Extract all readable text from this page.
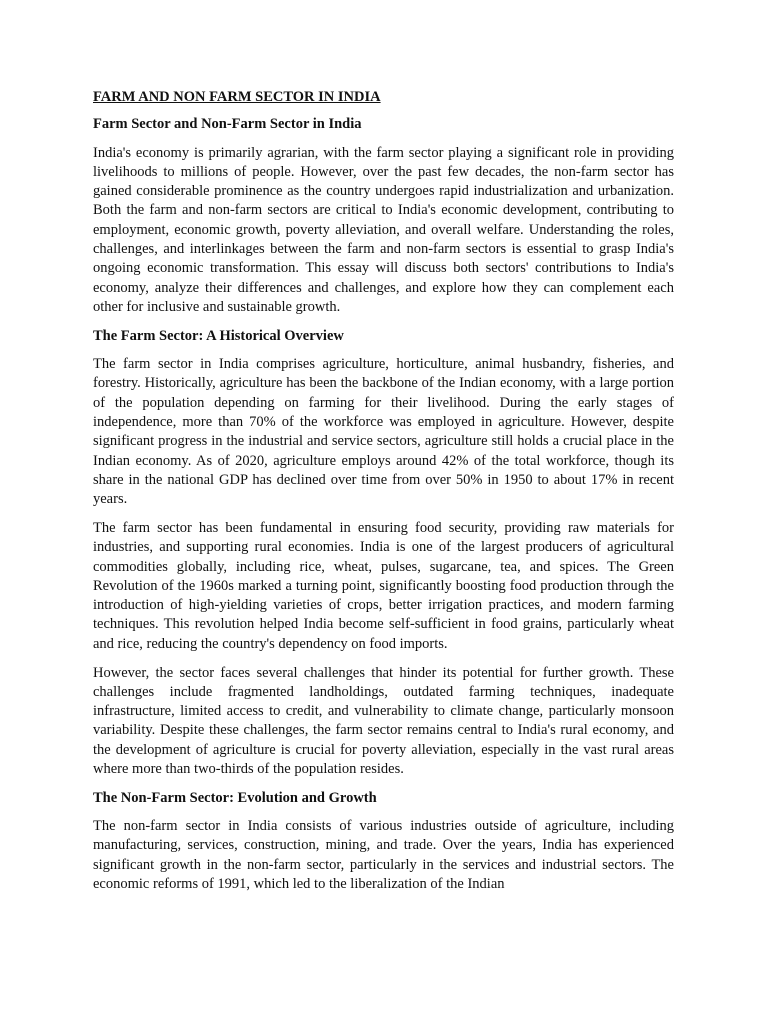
FARM AND NON FARM SECTOR IN INDIA
Farm Sector and Non-Farm Sector in India

India's economy is primarily agrarian, with the farm sector playing a significant role in providing livelihoods to millions of people. However, over the past few decades, the non-farm sector has gained considerable prominence as the country undergoes rapid industrialization and urbanization. Both the farm and non-farm sectors are critical to India's economic development, contributing to employment, economic growth, poverty alleviation, and overall welfare. Understanding the roles, challenges, and interlinkages between the farm and non-farm sectors is essential to grasp India's ongoing economic transformation. This essay will discuss both sectors' contributions to India's economy, analyze their differences and challenges, and explore how they can complement each other for inclusive and sustainable growth.

The Farm Sector: A Historical Overview

The farm sector in India comprises agriculture, horticulture, animal husbandry, fisheries, and forestry. Historically, agriculture has been the backbone of the Indian economy, with a large portion of the population depending on farming for their livelihood. During the early stages of independence, more than 70% of the workforce was employed in agriculture. However, despite significant progress in the industrial and service sectors, agriculture still holds a crucial place in the Indian economy. As of 2020, agriculture employs around 42% of the total workforce, though its share in the national GDP has declined over time from over 50% in 1950 to about 17% in recent years.

The farm sector has been fundamental in ensuring food security, providing raw materials for industries, and supporting rural economies. India is one of the largest producers of agricultural commodities globally, including rice, wheat, pulses, sugarcane, tea, and spices. The Green Revolution of the 1960s marked a turning point, significantly boosting food production through the introduction of high-yielding varieties of crops, better irrigation practices, and modern farming techniques. This revolution helped India become self-sufficient in food grains, particularly wheat and rice, reducing the country's dependency on food imports.

However, the sector faces several challenges that hinder its potential for further growth. These challenges include fragmented landholdings, outdated farming techniques, inadequate infrastructure, limited access to credit, and vulnerability to climate change, particularly monsoon variability. Despite these challenges, the farm sector remains central to India's rural economy, and the development of agriculture is crucial for poverty alleviation, especially in the vast rural areas where more than two-thirds of the population resides.

The Non-Farm Sector: Evolution and Growth

The non-farm sector in India consists of various industries outside of agriculture, including manufacturing, services, construction, mining, and trade. Over the years, India has experienced significant growth in the non-farm sector, particularly in the services and industrial sectors. The economic reforms of 1991, which led to the liberalization of the Indian
